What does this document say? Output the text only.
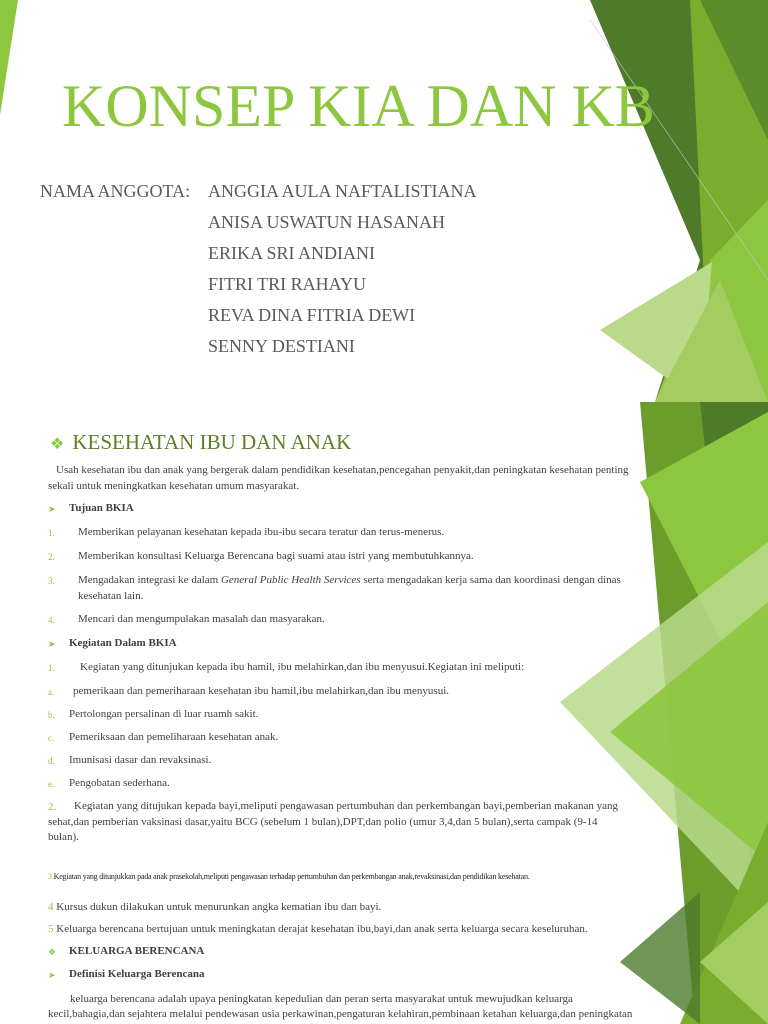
KONSEP KIA DAN KB
NAMA ANGGOTA: ANGGIA AULA NAFTALISTIANA
ANISA USWATUN HASANAH
ERIKA SRI ANDIANI
FITRI TRI RAHAYU
REVA DINA FITRIA DEWI
SENNY DESTIANI
❖ KESEHATAN IBU DAN ANAK
Usah kesehatan ibu dan anak yang bergerak dalam pendidikan kesehatan,pencegahan penyakit,dan peningkatan kesehatan penting
sekali untuk meningkatkan kesehatan umum masyarakat.
➤ Tujuan BKIA
1. Memberikan pelayanan kesehatan kepada ibu-ibu secara teratur dan terus-menerus.
2. Memberikan konsultasi Keluarga Berencana bagi suami atau istri yang membutuhkannya.
3. Mengadakan integrasi ke dalam General Public Health Services serta mengadakan kerja sama dan koordinasi dengan dinas
kesehatan lain.
4. Mencari dan mengumpulakan masalah dan masyarakan.
➤ Kegiatan Dalam BKIA
1. Kegiatan yang ditunjukan kepada ibu hamil, ibu melahirkan,dan ibu menyusui.Kegiatan ini meliputi:
a. pemerikaan dan pemeriharaan kesehatan ibu hamil,ibu melahirkan,dan ibu menyusui.
b. Pertolongan persalinan di luar ruamh sakit.
c. Pemeriksaan dan pemeliharaan kesehatan anak.
d. Imunisasi dasar dan revaksinasi.
e. Pengobatan sederhana.
2. Kegiatan yang ditujukan kepada bayi,meliputi pengawasan pertumbuhan dan perkembangan bayi,pemberian makanan yang
sehat,dan pemberian vaksinasi dasar,yaitu BCG (sebelum 1 bulan),DPT,dan polio (umur 3,4,dan 5 bulan),serta campak (9-14
bulan).
3 Kegiatan yang ditunjukkan pada anak prasekolah,meliputi pengawasan terhadap pertumbuhan dan perkembangan anak,revaksinasi,dan pendidikan kesehatan.
4 Kursus dukun dilakukan untuk menurunkan angka kematian ibu dan bayi.
5 Keluarga berencana bertujuan untuk meningkatan derajat kesehatan ibu,bayi,dan anak serta keluarga secara keseluruhan.
❖ KELUARGA BERENCANA
➤ Definisi Keluarga Berencana
keluarga berencana adalah upaya peningkatan kepedulian dan peran serta masyarakat untuk mewujudkan keluarga
kecil,bahagia,dan sejahtera melalui pendewasan usia perkawinan,pengaturan kelahiran,pembinaan ketahan keluarga,dan peningkatan
